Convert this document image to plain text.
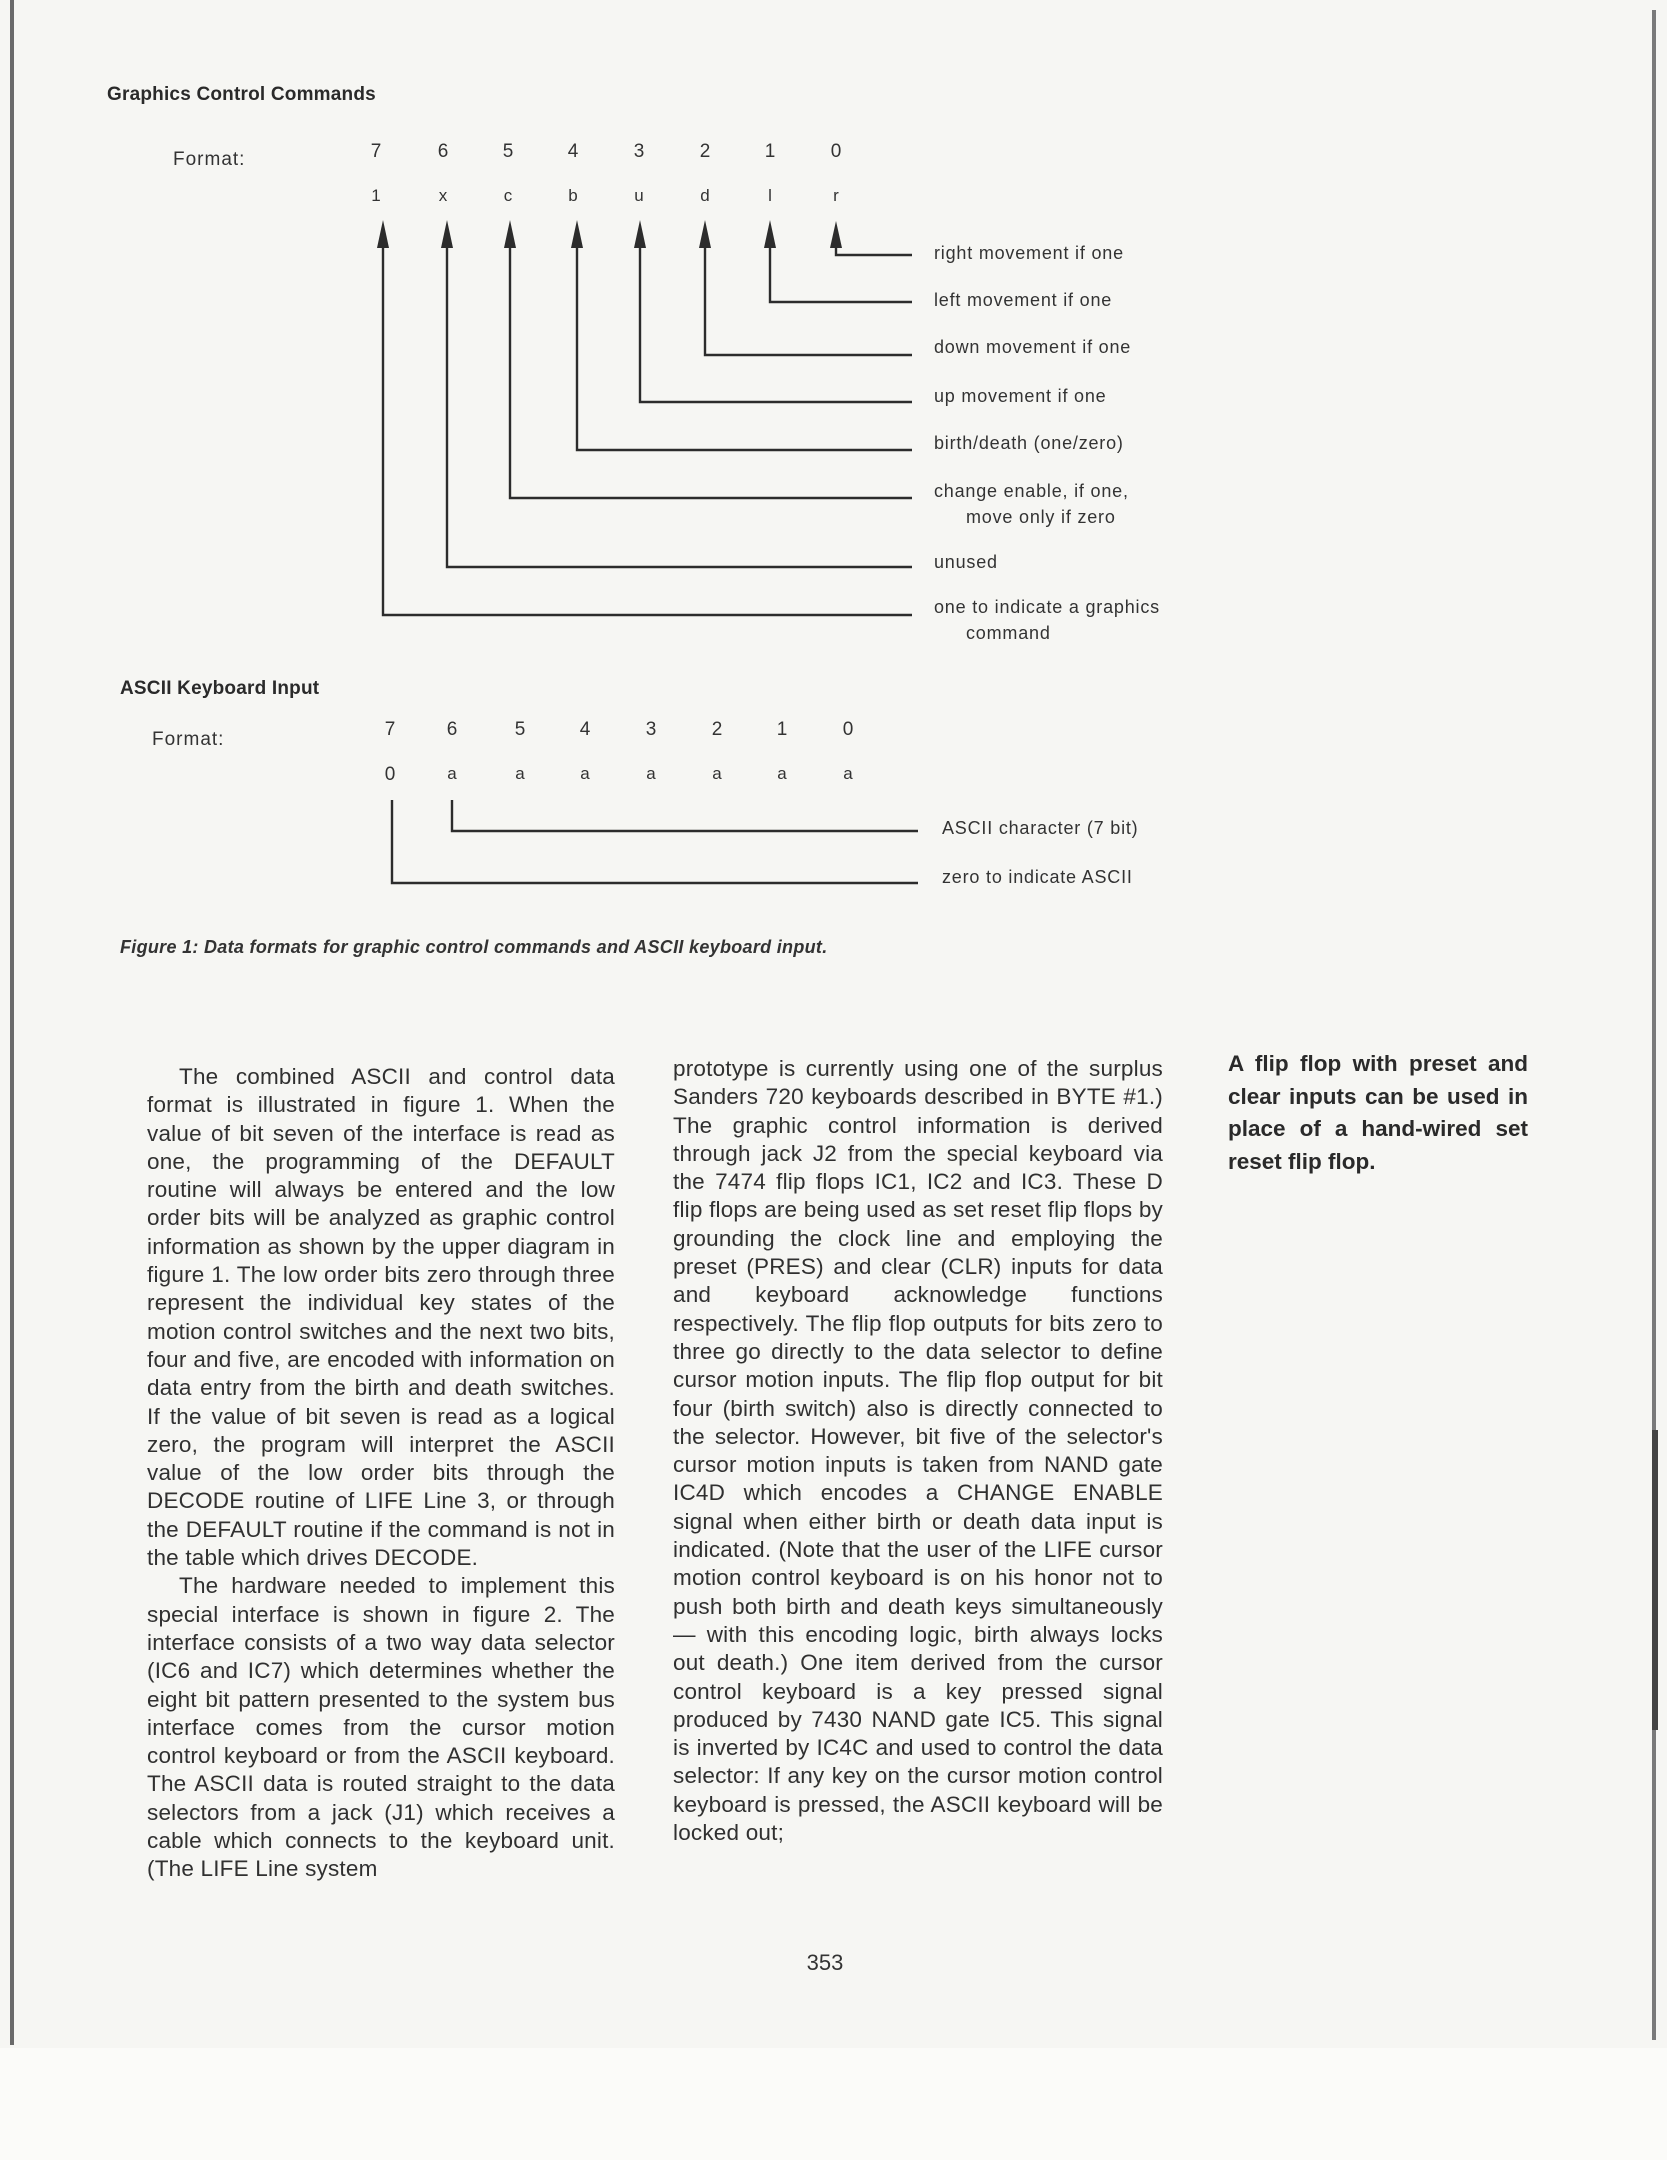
Graphics Control Commands
Format:	7	6	5	4	3	2	1	0
1	x	c	b	u	d	l	r
right movement if one
left movement if one
down movement if one
up movement if one
birth/death (one/zero)
change enable, if one,
move only if zero
unused
one to indicate a graphics
command
ASCII Keyboard Input
Format:	7	6	5	4	3	2	1	0
0	a	a	a	a	a	a	a
ASCII character (7 bit)
zero to indicate ASCII
Figure 1: Data formats for graphic control commands and ASCII keyboard input.

The combined ASCII and control data format is illustrated in figure 1. When the value of bit seven of the interface is read as one, the programming of the DEFAULT routine will always be entered and the low order bits will be analyzed as graphic control information as shown by the upper diagram in figure 1. The low order bits zero through three represent the individual key states of the motion control switches and the next two bits, four and five, are encoded with information on data entry from the birth and death switches. If the value of bit seven is read as a logical zero, the program will interpret the ASCII value of the low order bits through the DECODE routine of LIFE Line 3, or through the DEFAULT routine if the command is not in the table which drives DECODE.

The hardware needed to implement this special interface is shown in figure 2. The interface consists of a two way data selector (IC6 and IC7) which determines whether the eight bit pattern presented to the system bus interface comes from the cursor motion control keyboard or from the ASCII keyboard. The ASCII data is routed straight to the data selectors from a jack (J1) which receives a cable which connects to the keyboard unit. (The LIFE Line system

prototype is currently using one of the surplus Sanders 720 keyboards described in BYTE #1.) The graphic control information is derived through jack J2 from the special keyboard via the 7474 flip flops IC1, IC2 and IC3. These D flip flops are being used as set reset flip flops by grounding the clock line and employing the preset (PRES) and clear (CLR) inputs for data and keyboard acknowledge functions respectively. The flip flop outputs for bits zero to three go directly to the data selector to define cursor motion inputs. The flip flop output for bit four (birth switch) also is directly connected to the selector. However, bit five of the selector's cursor motion inputs is taken from NAND gate IC4D which encodes a CHANGE ENABLE signal when either birth or death data input is indicated. (Note that the user of the LIFE cursor motion control keyboard is on his honor not to push both birth and death keys simultaneously — with this encoding logic, birth always locks out death.) One item derived from the cursor control keyboard is a key pressed signal produced by 7430 NAND gate IC5. This signal is inverted by IC4C and used to control the data selector: If any key on the cursor motion control keyboard is pressed, the ASCII keyboard will be locked out;

A flip flop with preset and clear inputs can be used in place of a hand-wired set reset flip flop.
353
